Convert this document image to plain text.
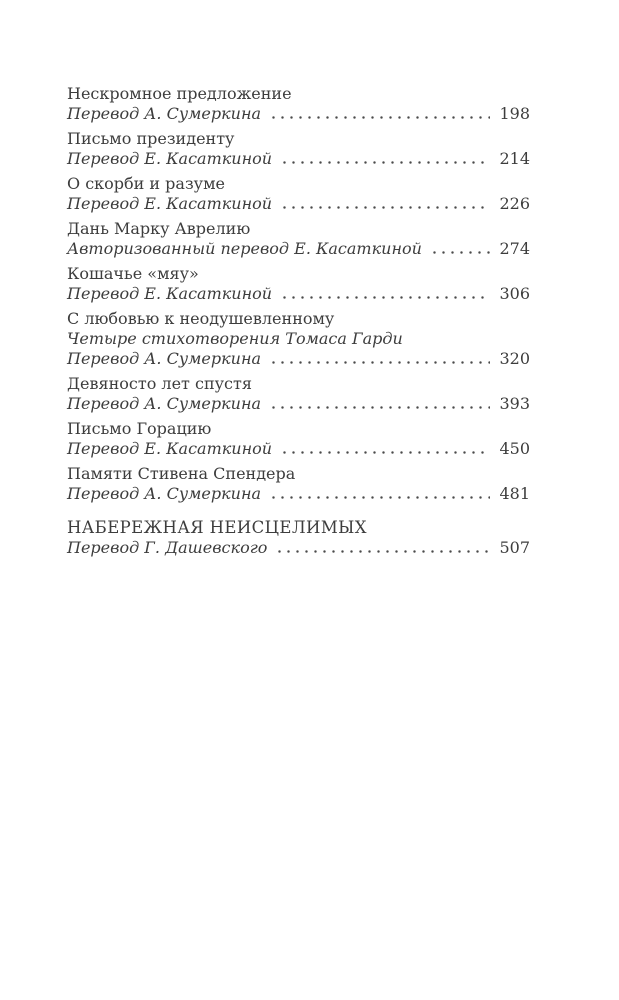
Нескромное предложение
Перевод А. Сумеркина	198
Письмо президенту
Перевод Е. Касаткиной	214
О скорби и разуме
Перевод Е. Касаткиной	226
Дань Марку Аврелию
Авторизованный перевод Е. Касаткиной	274
Кошачье «мяу»
Перевод Е. Касаткиной	306
С любовью к неодушевленному
Четыре стихотворения Томаса Гарди
Перевод А. Сумеркина	320
Девяносто лет спустя
Перевод А. Сумеркина	393
Письмо Горацию
Перевод Е. Касаткиной	450
Памяти Стивена Спендера
Перевод А. Сумеркина	481
НАБЕРЕЖНАЯ НЕИСЦЕЛИМЫХ
Перевод Г. Дашевского	507
